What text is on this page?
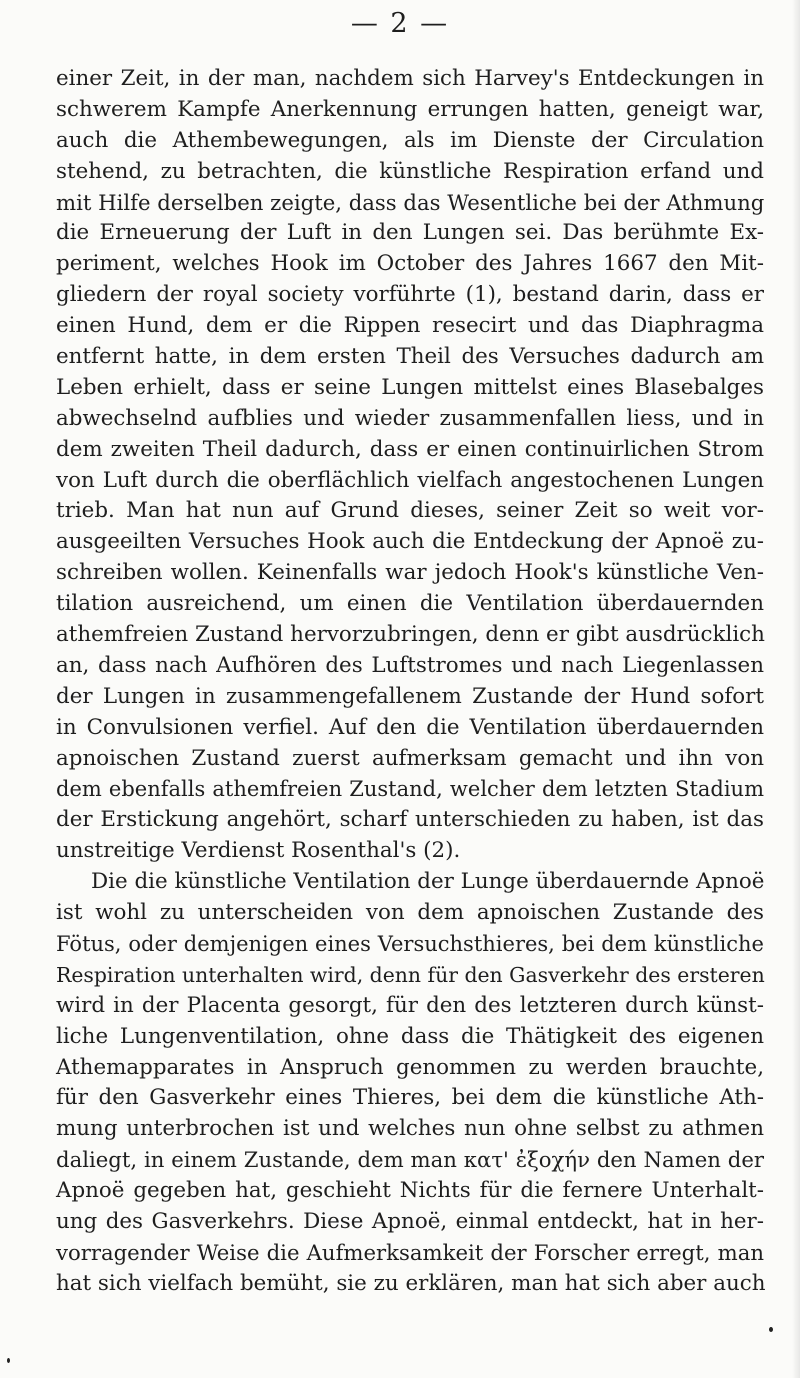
— 2 —
einer Zeit, in der man, nachdem sich Harvey's Entdeckungen in
schwerem Kampfe Anerkennung errungen hatten, geneigt war,
auch die Athembewegungen, als im Dienste der Circulation
stehend, zu betrachten, die künstliche Respiration erfand und
mit Hilfe derselben zeigte, dass das Wesentliche bei der Athmung
die Erneuerung der Luft in den Lungen sei. Das berühmte Ex-
periment, welches Hook im October des Jahres 1667 den Mit-
gliedern der royal society vorführte (1), bestand darin, dass er
einen Hund, dem er die Rippen resecirt und das Diaphragma
entfernt hatte, in dem ersten Theil des Versuches dadurch am
Leben erhielt, dass er seine Lungen mittelst eines Blasebalges
abwechselnd aufblies und wieder zusammenfallen liess, und in
dem zweiten Theil dadurch, dass er einen continuirlichen Strom
von Luft durch die oberflächlich vielfach angestochenen Lungen
trieb. Man hat nun auf Grund dieses, seiner Zeit so weit vor-
ausgeeilten Versuches Hook auch die Entdeckung der Apnoë zu-
schreiben wollen. Keinenfalls war jedoch Hook's künstliche Ven-
tilation ausreichend, um einen die Ventilation überdauernden
athemfreien Zustand hervorzubringen, denn er gibt ausdrücklich
an, dass nach Aufhören des Luftstromes und nach Liegenlassen
der Lungen in zusammengefallenem Zustande der Hund sofort
in Convulsionen verfiel. Auf den die Ventilation überdauernden
apnoischen Zustand zuerst aufmerksam gemacht und ihn von
dem ebenfalls athemfreien Zustand, welcher dem letzten Stadium
der Erstickung angehört, scharf unterschieden zu haben, ist das
unstreitige Verdienst Rosenthal's (2).
Die die künstliche Ventilation der Lunge überdauernde Apnoë
ist wohl zu unterscheiden von dem apnoischen Zustande des
Fötus, oder demjenigen eines Versuchsthieres, bei dem künstliche
Respiration unterhalten wird, denn für den Gasverkehr des ersteren
wird in der Placenta gesorgt, für den des letzteren durch künst-
liche Lungenventilation, ohne dass die Thätigkeit des eigenen
Athemapparates in Anspruch genommen zu werden brauchte,
für den Gasverkehr eines Thieres, bei dem die künstliche Ath-
mung unterbrochen ist und welches nun ohne selbst zu athmen
daliegt, in einem Zustande, dem man κατ' ἐξοχήν den Namen der
Apnoë gegeben hat, geschieht Nichts für die fernere Unterhalt-
ung des Gasverkehrs. Diese Apnoë, einmal entdeckt, hat in her-
vorragender Weise die Aufmerksamkeit der Forscher erregt, man
hat sich vielfach bemüht, sie zu erklären, man hat sich aber auch
